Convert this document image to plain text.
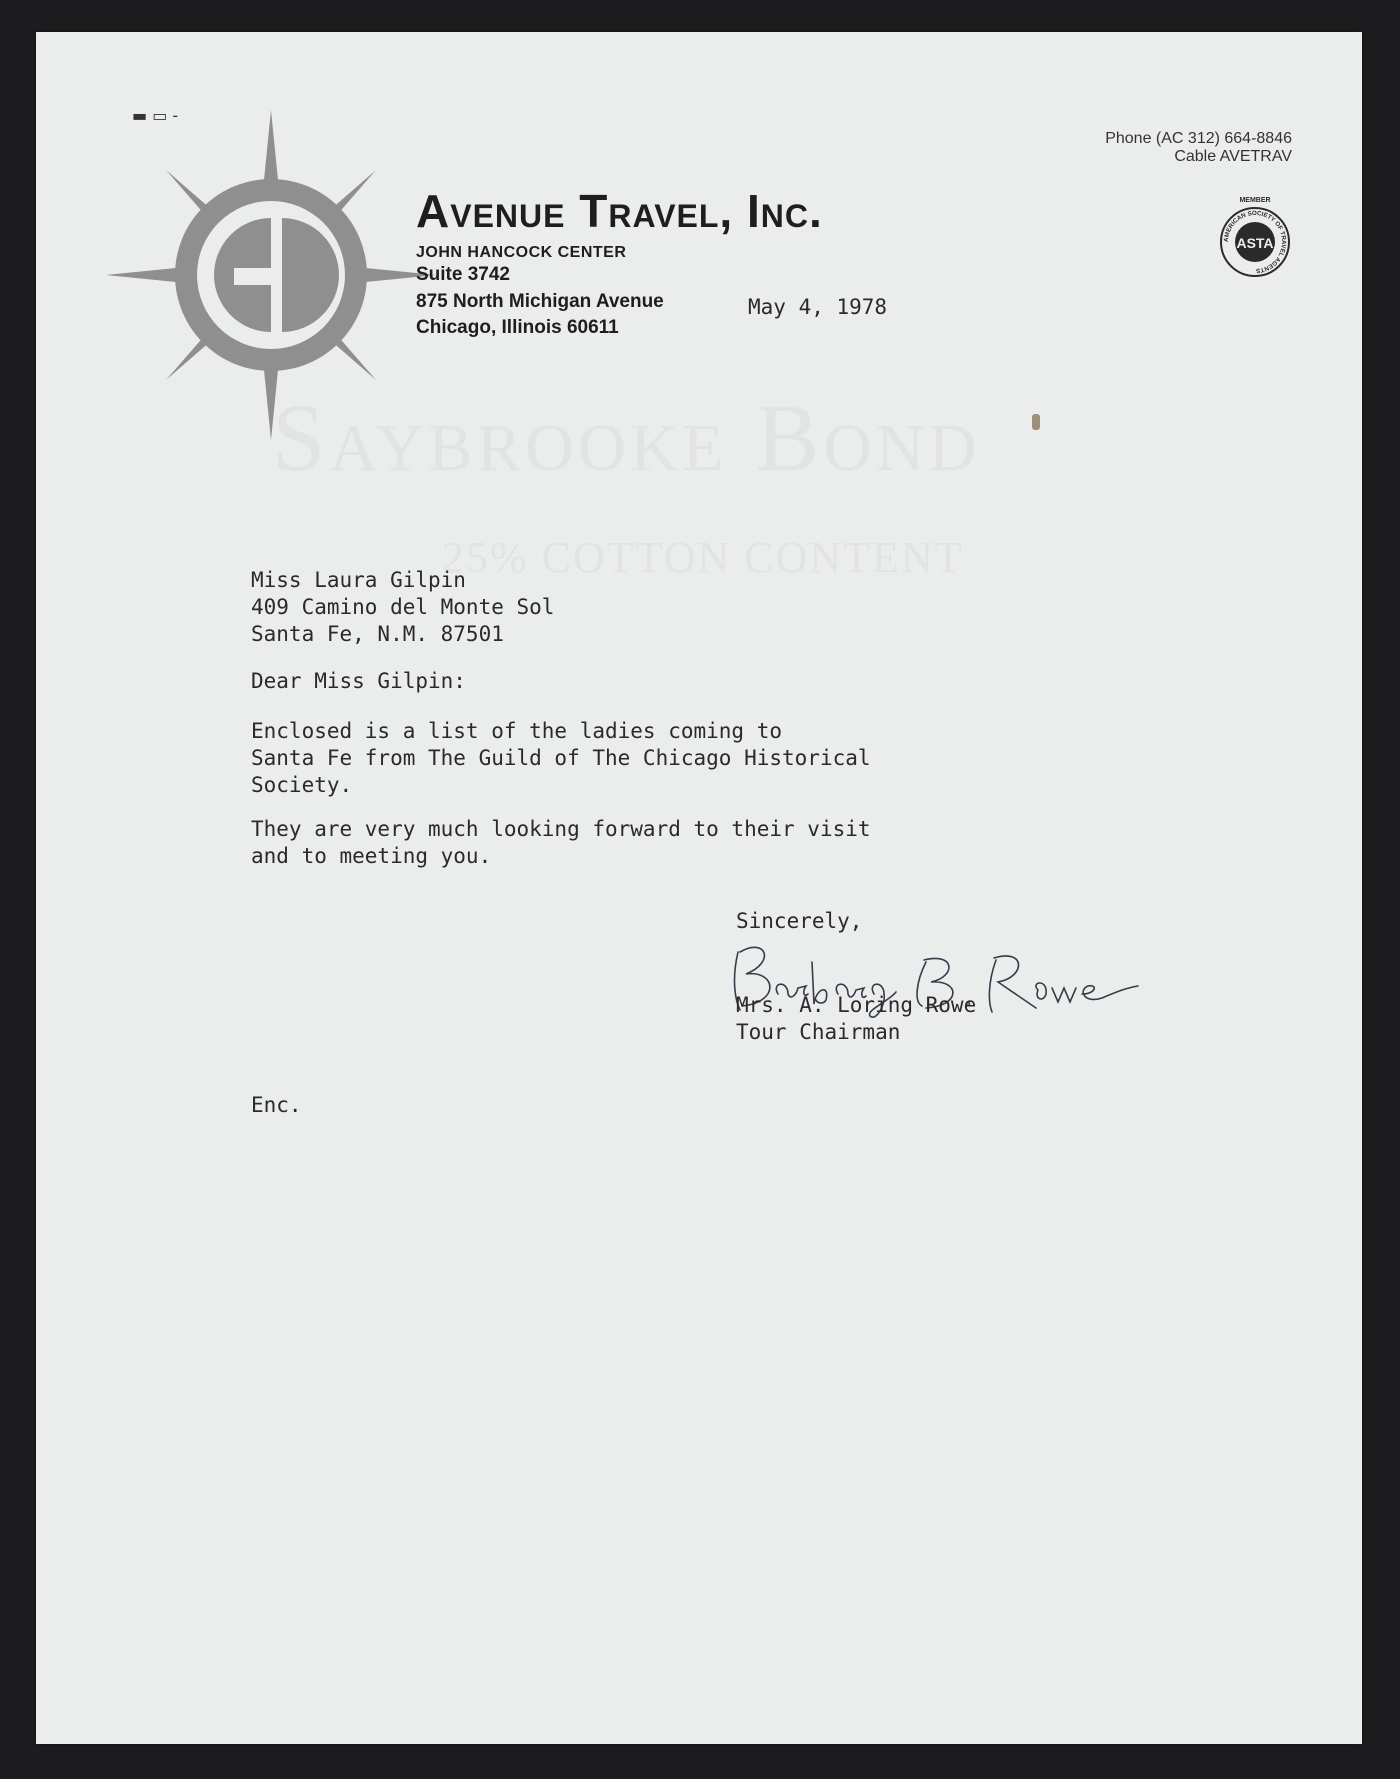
▬ ▭ ‐
Avenue Travel, Inc.
JOHN HANCOCK CENTER
Suite 3742
875 North Michigan Avenue
Chicago, Illinois 60611
Phone (AC 312) 664-8846
Cable AVETRAV
MEMBER
ASTA
AMERICAN SOCIETY OF TRAVEL AGENTS
Saybrooke Bond
25% COTTON CONTENT
May 4, 1978
Miss Laura Gilpin
409 Camino del Monte Sol
Santa Fe, N.M. 87501
Dear Miss Gilpin:
Enclosed is a list of the ladies coming to
Santa Fe from The Guild of The Chicago Historical
Society.
They are very much looking forward to their visit
and to meeting you.
Sincerely,
Mrs. A. Loring Rowe
Tour Chairman
Enc.
